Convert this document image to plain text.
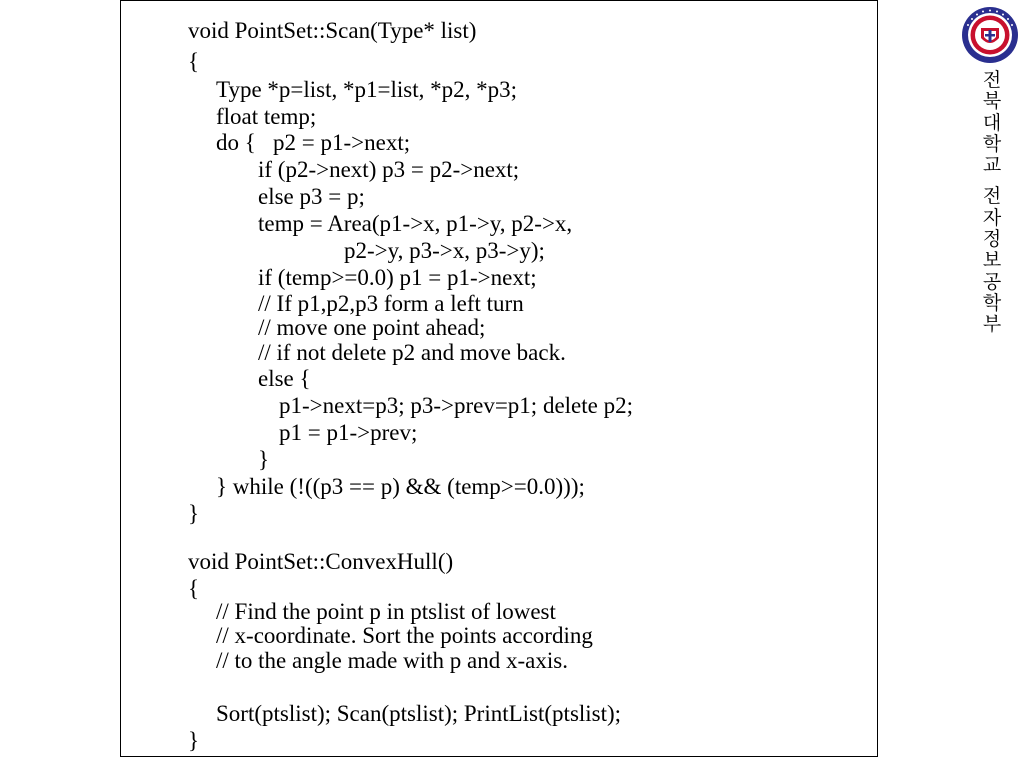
void PointSet::Scan(Type* list)
{
Type *p=list, *p1=list, *p2, *p3;
float temp;
do {   p2 = p1->next;
if (p2->next) p3 = p2->next;
else p3 = p;
temp = Area(p1->x, p1->y, p2->x,
p2->y, p3->x, p3->y);
if (temp>=0.0) p1 = p1->next;
// If p1,p2,p3 form a left turn
// move one point ahead;
// if not delete p2 and move back.
else {
p1->next=p3; p3->prev=p1; delete p2;
p1 = p1->prev;
}
} while (!((p3 == p) && (temp>=0.0)));
}
void PointSet::ConvexHull()
{
// Find the point p in ptslist of lowest
// x-coordinate. Sort the points according
// to the angle made with p and x-axis.
Sort(ptslist); Scan(ptslist); PrintList(ptslist);
}
전
북
대
학
교
전
자
정
보
공
학
부
